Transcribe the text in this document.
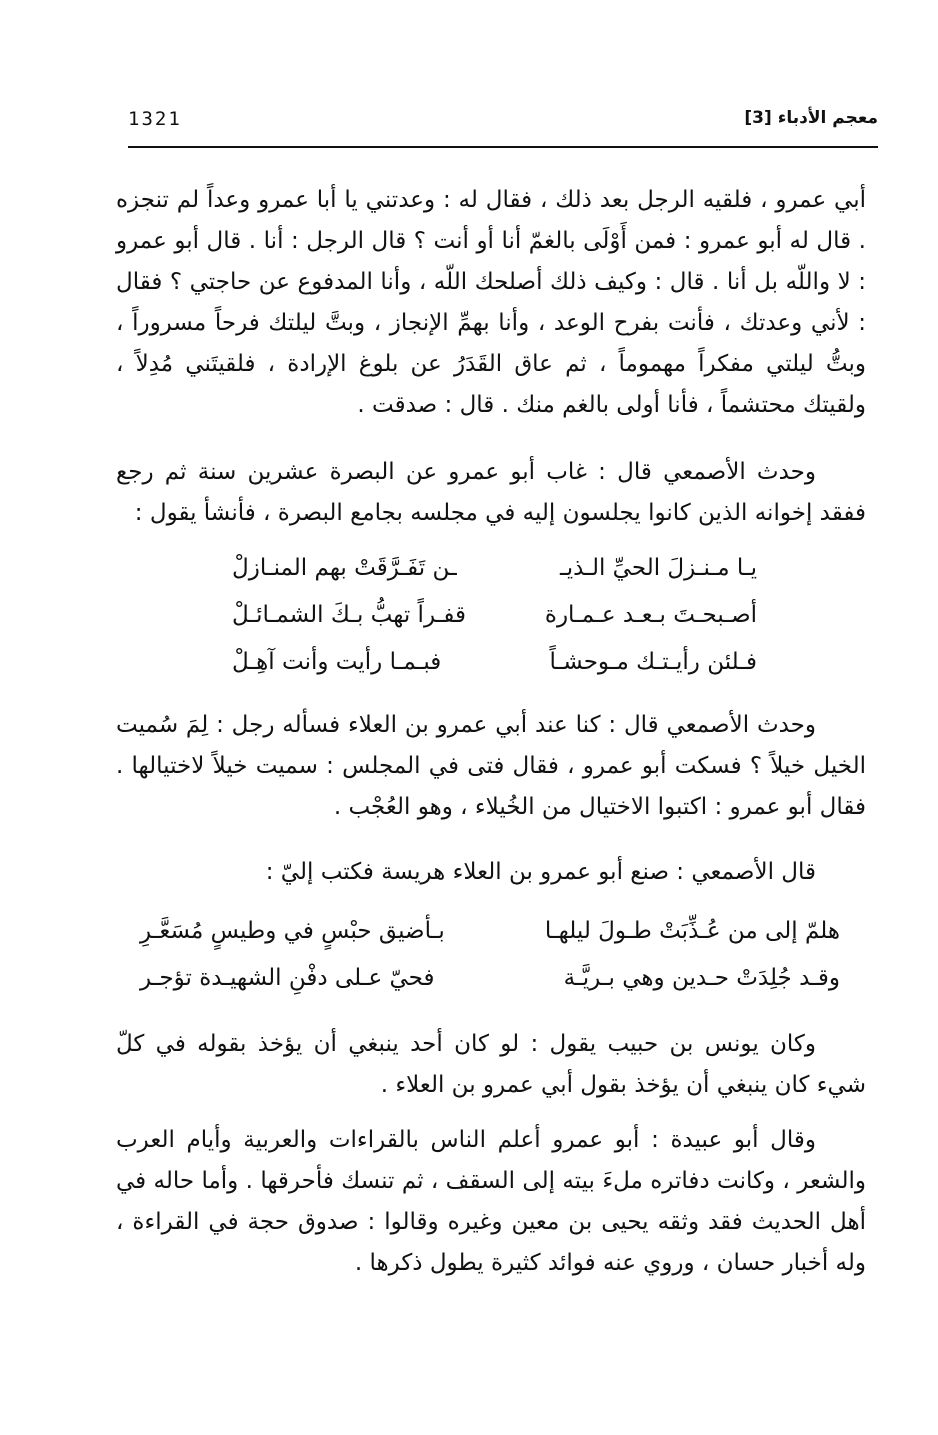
1321	معجم الأدباء [3]

أبي عمرو ، فلقيه الرجل بعد ذلك ، فقال له : وعدتني يا أبا عمرو وعداً لم تنجزه . قال له أبو عمرو : فمن أَوْلَى بالغمّ أنا أو أنت ؟ قال الرجل : أنا . قال أبو عمرو : لا واللّه بل أنا . قال : وكيف ذلك أصلحك اللّه ، وأنا المدفوع عن حاجتي ؟ فقال : لأني وعدتك ، فأنت بفرح الوعد ، وأنا بهمِّ الإنجاز ، وبتَّ ليلتك فرحاً مسروراً ، وبتُّ ليلتي مفكراً مهموماً ، ثم عاق القَدَرُ عن بلوغ الإرادة ، فلقيتَني مُدِلاً ، ولقيتك محتشماً ، فأنا أولى بالغم منك . قال : صدقت .

وحدث الأصمعي قال : غاب أبو عمرو عن البصرة عشرين سنة ثم رجع ففقد إخوانه الذين كانوا يجلسون إليه في مجلسه بجامع البصرة ، فأنشأ يقول :

يـا مـنـزلَ الحيِّ الـذيـ
ـن تَفَـرَّقَتْ بهم المنـازلْ
أصـبحـتَ بـعـد عـمـارة
قفـراً تهبُّ بـكَ الشمـائـلْ
فـلئن رأيـتـك مـوحشـاً
فبـمـا رأيت وأنت آهِـلْ

وحدث الأصمعي قال : كنا عند أبي عمرو بن العلاء فسأله رجل : لِمَ سُميت الخيل خيلاً ؟ فسكت أبو عمرو ، فقال فتى في المجلس : سميت خيلاً لاختيالها . فقال أبو عمرو : اكتبوا الاختيال من الخُيلاء ، وهو العُجْب .

قال الأصمعي : صنع أبو عمرو بن العلاء هريسة فكتب إليّ :

هلمّ إلى من عُـذِّبَتْ طـولَ ليلهـا
بـأضيق حبْسٍ في وطيسٍ مُسَعَّـرِ
وقـد جُلِدَتْ حـدين وهي بـريَّـة
فحيّ عـلى دفْنِ الشهيـدة تؤجـر

وكان يونس بن حبيب يقول : لو كان أحد ينبغي أن يؤخذ بقوله في كلّ شيء كان ينبغي أن يؤخذ بقول أبي عمرو بن العلاء .

وقال أبو عبيدة : أبو عمرو أعلم الناس بالقراءات والعربية وأيام العرب والشعر ، وكانت دفاتره ملءَ بيته إلى السقف ، ثم تنسك فأحرقها . وأما حاله في أهل الحديث فقد وثقه يحيى بن معين وغيره وقالوا : صدوق حجة في القراءة ، وله أخبار حسان ، وروي عنه فوائد كثيرة يطول ذكرها .
